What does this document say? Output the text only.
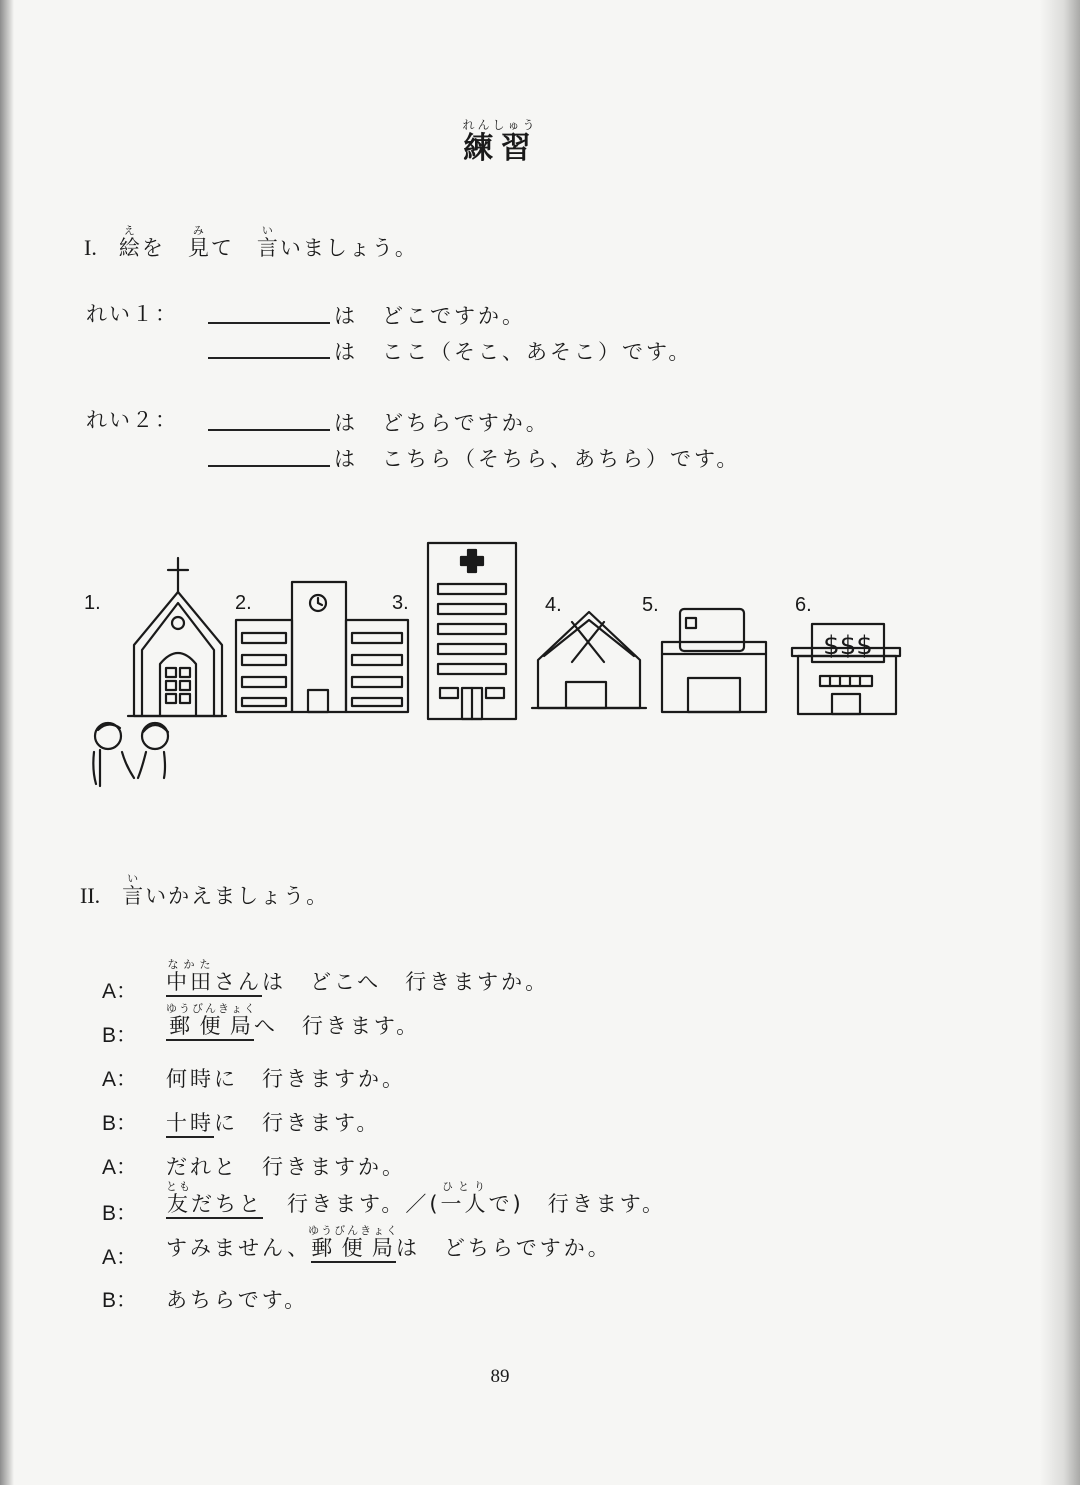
練習れんしゅう
I. 絵えを　見みて　言いいましょう。
れい１：	は　どこですか。
は　ここ（そこ、あそこ）です。
れい２：	は　どちらですか。
は　こちら（そちら、あちら）です。
1.	2.	3.	4.	5.	6.
$$$
II. 言いいかえましょう。
A： 中田なかたさんは　どこへ　行きますか。
B： 郵便局ゆうびんきょくへ　行きます。
A： 何時に　行きますか。
B： 十時に　行きます。
A： だれと　行きますか。
B： 友ともだちと　行きます。／(一人ひとりで)　行きます。
A： すみません、郵便局ゆうびんきょくは　どちらですか。
B： あちらです。
89
